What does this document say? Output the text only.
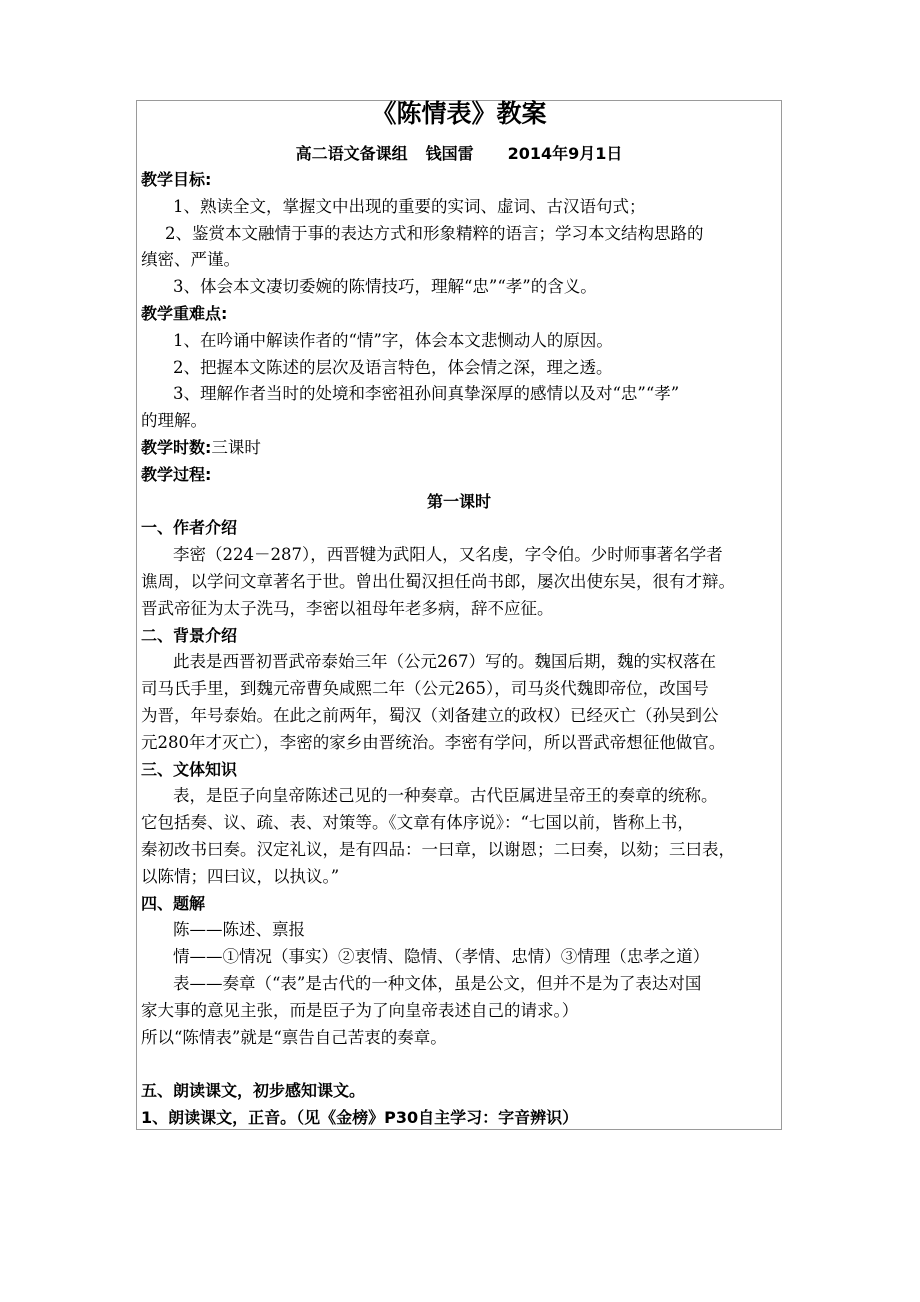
《陈情表》教案
高二语文备课组 钱国雷 2014年9月1日
教学目标:

1、熟读全文，掌握文中出现的重要的实词、虚词、古汉语句式；

2、鉴赏本文融情于事的表达方式和形象精粹的语言；学习本文结构思路的

缜密、严谨。

3、体会本文凄切委婉的陈情技巧，理解“忠”“孝”的含义。

教学重难点:

1、在吟诵中解读作者的“情”字，体会本文悲恻动人的原因。

2、把握本文陈述的层次及语言特色，体会情之深，理之透。

3、理解作者当时的处境和李密祖孙间真挚深厚的感情以及对“忠”“孝”

的理解。

教学时数:三课时
教学过程:
第一课时
一、作者介绍

李密（224－287），西晋犍为武阳人，又名虔，字令伯。少时师事著名学者

谯周，以学问文章著名于世。曾出仕蜀汉担任尚书郎，屡次出使东吴，很有才辩。

晋武帝征为太子洗马，李密以祖母年老多病，辞不应征。

二、背景介绍

此表是西晋初晋武帝泰始三年（公元267）写的。魏国后期，魏的实权落在

司马氏手里，到魏元帝曹奂咸熙二年（公元265），司马炎代魏即帝位，改国号

为晋，年号泰始。在此之前两年，蜀汉（刘备建立的政权）已经灭亡（孙吴到公

元280年才灭亡），李密的家乡由晋统治。李密有学问，所以晋武帝想征他做官。

三、文体知识

表，是臣子向皇帝陈述己见的一种奏章。古代臣属进呈帝王的奏章的统称。

它包括奏、议、疏、表、对策等。《文章有体序说》：“七国以前，皆称上书，

秦初改书曰奏。汉定礼议，是有四品：一曰章，以谢恩；二曰奏，以劾；三曰表，

以陈情；四曰议，以执议。”

四、题解

陈——陈述、禀报

情——①情况（事实）②衷情、隐情、（孝情、忠情）③情理（忠孝之道）

表——奏章（“表”是古代的一种文体，虽是公文，但并不是为了表达对国

家大事的意见主张，而是臣子为了向皇帝表述自己的请求。）

所以“陈情表”就是“禀告自己苦衷的奏章。

五、朗读课文，初步感知课文。
1、朗读课文，正音。（见《金榜》P30自主学习：字音辨识）
